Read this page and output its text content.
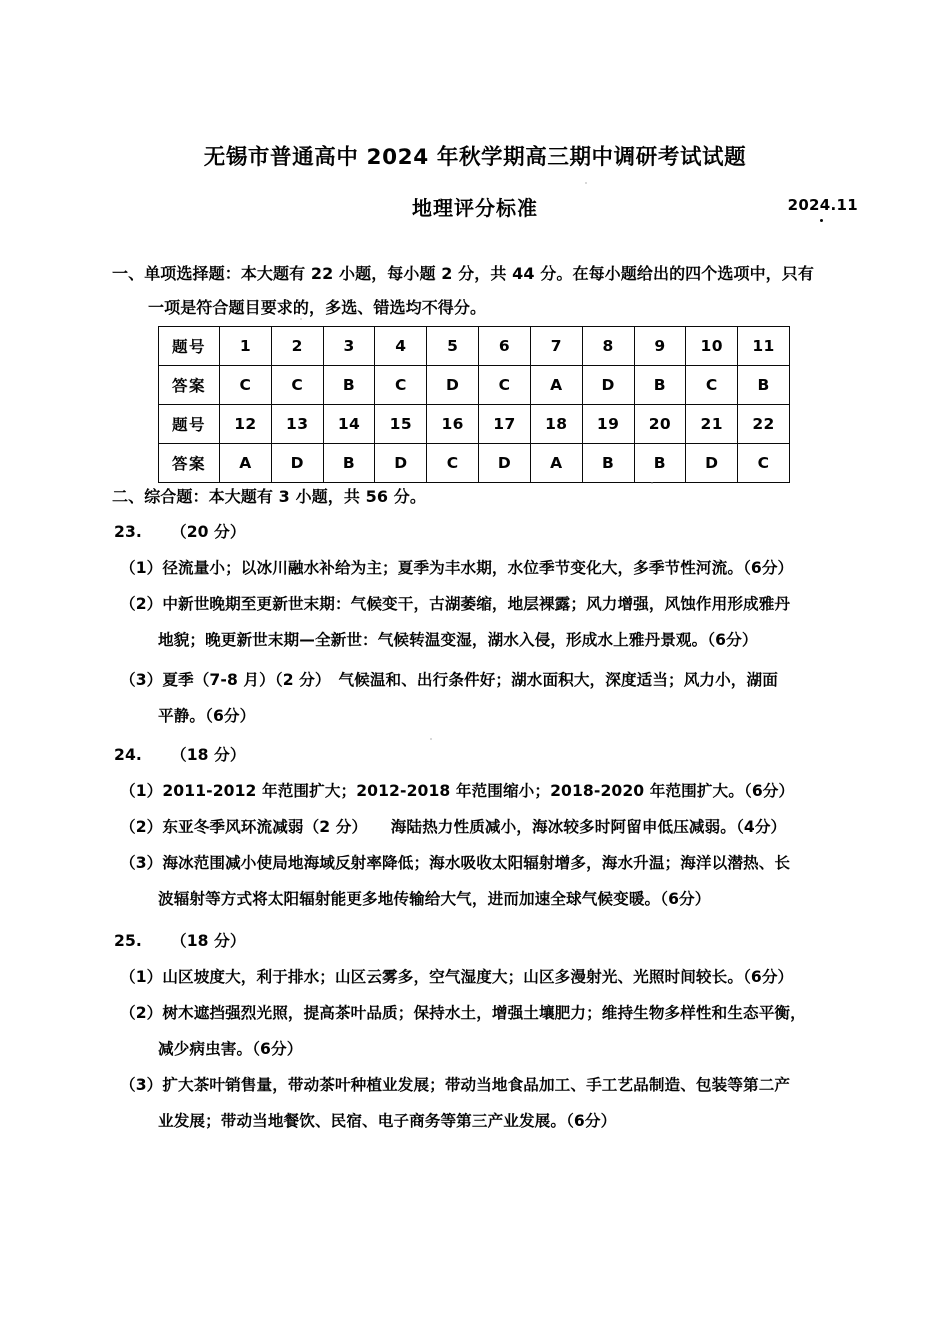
无锡市普通高中 2024 年秋学期高三期中调研考试试题
地理评分标准	2024.11
一、单项选择题：本大题有 22 小题，每小题 2 分，共 44 分。在每小题给出的四个选项中，只有
一项是符合题目要求的，多选、错选均不得分。
题号	1	2	3	4	5	6	7	8	9	10	11
答案	C	C	B	C	D	C	A	D	B	C	B
题号	12	13	14	15	16	17	18	19	20	21	22
答案	A	D	B	D	C	D	A	B	B	D	C
二、综合题：本大题有 3 小题，共 56 分。
23. （20 分）
（1）径流量小；以冰川融水补给为主；夏季为丰水期，水位季节变化大，多季节性河流。（6分）
（2）中新世晚期至更新世末期：气候变干，古湖萎缩，地层裸露；风力增强，风蚀作用形成雅丹
地貌；晚更新世末期—全新世：气候转温变湿，湖水入侵，形成水上雅丹景观。（6分）
（3）夏季（7-8 月）（2 分）　气候温和、出行条件好；湖水面积大，深度适当；风力小，湖面
平静。（6分）
24. （18 分）
（1）2011-2012 年范围扩大；2012-2018 年范围缩小；2018-2020 年范围扩大。（6分）
（2）东亚冬季风环流减弱（2 分）　　海陆热力性质减小，海冰较多时阿留申低压减弱。（4分）
（3）海冰范围减小使局地海域反射率降低；海水吸收太阳辐射增多，海水升温；海洋以潜热、长
波辐射等方式将太阳辐射能更多地传输给大气，进而加速全球气候变暖。（6分）
25. （18 分）
（1）山区坡度大，利于排水；山区云雾多，空气湿度大；山区多漫射光、光照时间较长。（6分）
（2）树木遮挡强烈光照，提高茶叶品质；保持水土，增强土壤肥力；维持生物多样性和生态平衡，
减少病虫害。（6分）
（3）扩大茶叶销售量，带动茶叶种植业发展；带动当地食品加工、手工艺品制造、包装等第二产
业发展；带动当地餐饮、民宿、电子商务等第三产业发展。（6分）
